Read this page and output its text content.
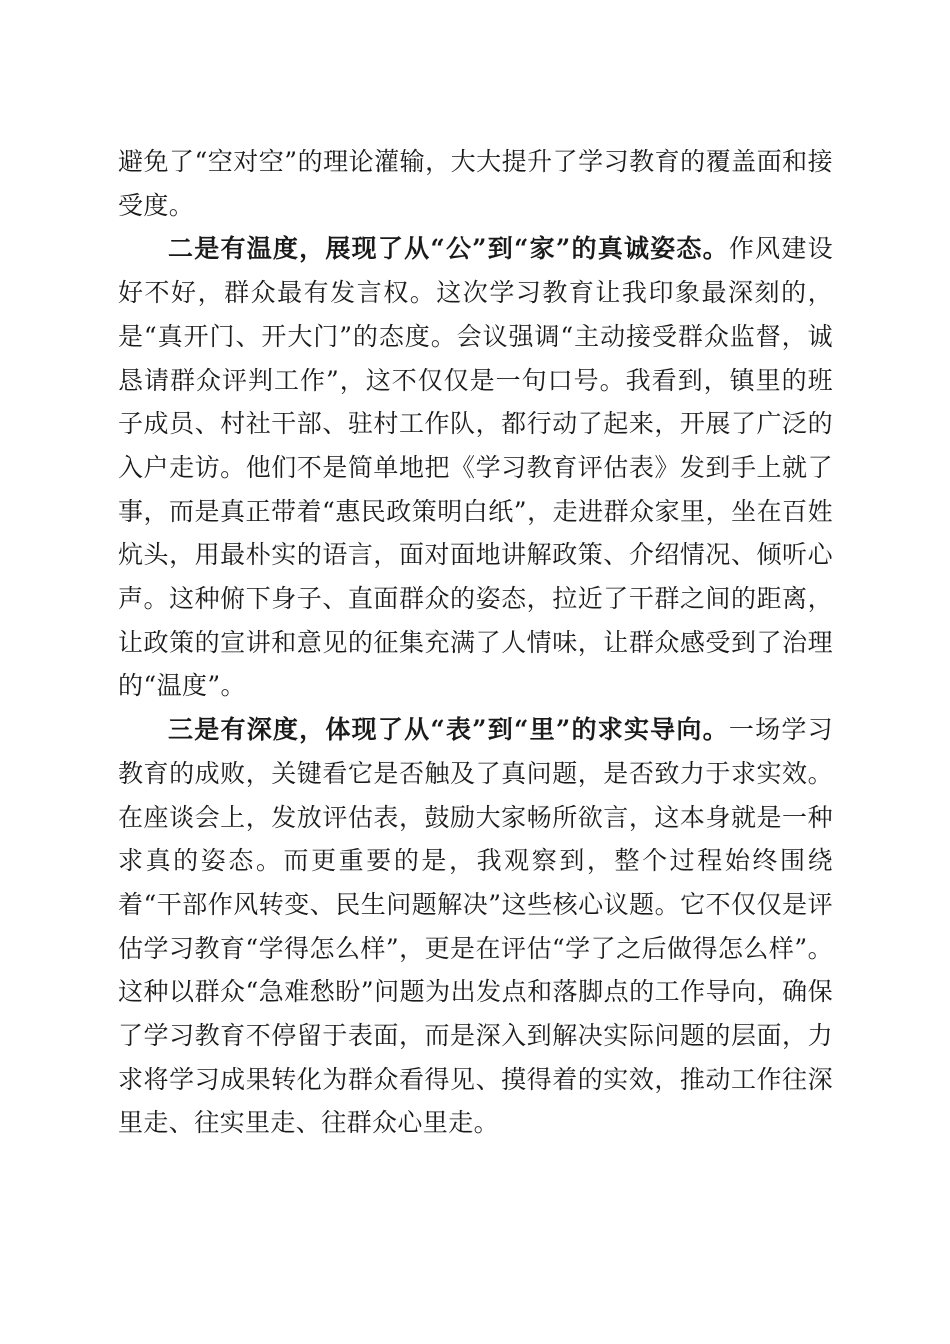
避免了“空对空”的理论灌输，大大提升了学习教育的覆盖面和接受度。

二是有温度，展现了从“公”到“家”的真诚姿态。作风建设好不好，群众最有发言权。这次学习教育让我印象最深刻的，是“真开门、开大门”的态度。会议强调“主动接受群众监督，诚恳请群众评判工作”，这不仅仅是一句口号。我看到，镇里的班子成员、村社干部、驻村工作队，都行动了起来，开展了广泛的入户走访。他们不是简单地把《学习教育评估表》发到手上就了事，而是真正带着“惠民政策明白纸”，走进群众家里，坐在百姓炕头，用最朴实的语言，面对面地讲解政策、介绍情况、倾听心声。这种俯下身子、直面群众的姿态，拉近了干群之间的距离，让政策的宣讲和意见的征集充满了人情味，让群众感受到了治理的“温度”。

三是有深度，体现了从“表”到“里”的求实导向。一场学习教育的成败，关键看它是否触及了真问题，是否致力于求实效。在座谈会上，发放评估表，鼓励大家畅所欲言，这本身就是一种求真的姿态。而更重要的是，我观察到，整个过程始终围绕着“干部作风转变、民生问题解决”这些核心议题。它不仅仅是评估学习教育“学得怎么样”，更是在评估“学了之后做得怎么样”。这种以群众“急难愁盼”问题为出发点和落脚点的工作导向，确保了学习教育不停留于表面，而是深入到解决实际问题的层面，力求将学习成果转化为群众看得见、摸得着的实效，推动工作往深里走、往实里走、往群众心里走。
